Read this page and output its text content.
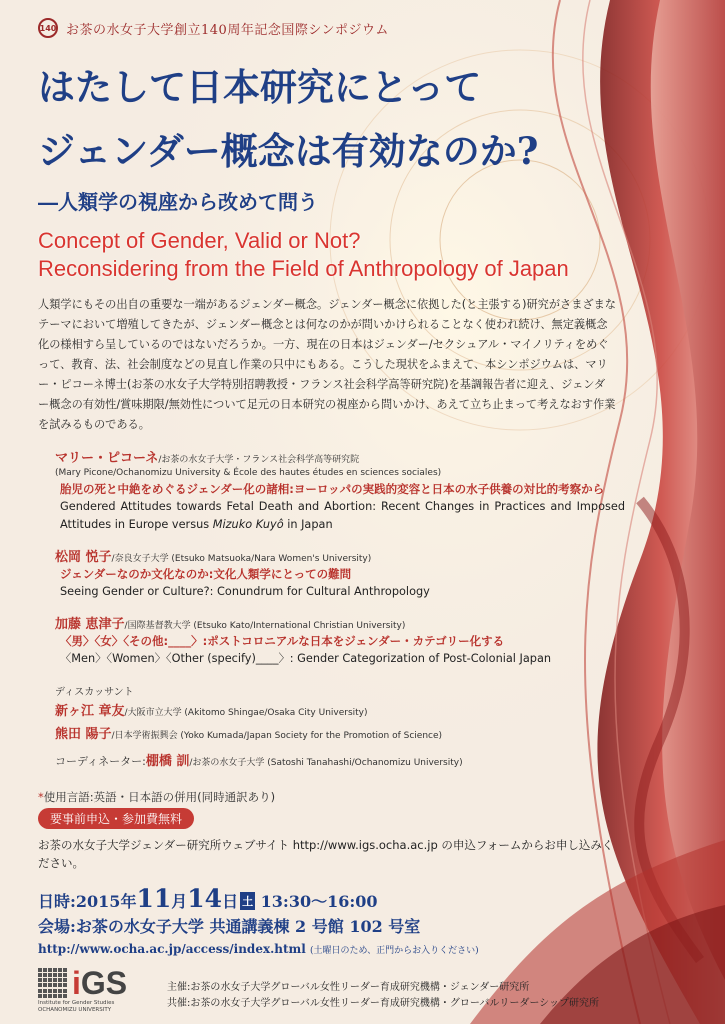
140 お茶の水女子大学創立140周年記念国際シンポジウム
はたして日本研究にとって
ジェンダー概念は有効なのか?
―人類学の視座から改めて問う
Concept of Gender, Valid or Not?
Reconsidering from the Field of Anthropology of Japan
人類学にもその出自の重要な一端があるジェンダー概念。ジェンダー概念に依拠した(と主張する)研究がさまざまなテーマにおいて増殖してきたが、ジェンダー概念とは何なのかが問いかけられることなく使われ続け、無定義概念化の様相すら呈しているのではないだろうか。一方、現在の日本はジェンダー/セクシュアル・マイノリティをめぐって、教育、法、社会制度などの見直し作業の只中にもある。こうした現状をふまえて、本シンポジウムは、マリー・ピコーネ博士(お茶の水女子大学特別招聘教授・フランス社会科学高等研究院)を基調報告者に迎え、ジェンダー概念の有効性/賞味期限/無効性について足元の日本研究の視座から問いかけ、あえて立ち止まって考えなおす作業を試みるものである。
マリー・ピコーネ/お茶の水女子大学・フランス社会科学高等研究院
(Mary Picone/Ochanomizu University & École des hautes études en sciences sociales)
胎児の死と中絶をめぐるジェンダー化の諸相:ヨーロッパの実践的変容と日本の水子供養の対比的考察から
Gendered Attitudes towards Fetal Death and Abortion: Recent Changes in Practices and Imposed Attitudes in Europe versus Mizuko Kuyô in Japan
松岡 悦子/奈良女子大学 (Etsuko Matsuoka/Nara Women's University)
ジェンダーなのか文化なのか:文化人類学にとっての難問
Seeing Gender or Culture?: Conundrum for Cultural Anthropology
加藤 恵津子/国際基督教大学 (Etsuko Kato/International Christian University)
〈男〉〈女〉〈その他:____〉:ポストコロニアルな日本をジェンダー・カテゴリー化する
〈Men〉〈Women〉〈Other (specify)____〉: Gender Categorization of Post-Colonial Japan
ディスカッサント
新ヶ江 章友/大阪市立大学 (Akitomo Shingae/Osaka City University)
熊田 陽子/日本学術振興会 (Yoko Kumada/Japan Society for the Promotion of Science)
コーディネーター:棚橋 訓/お茶の水女子大学 (Satoshi Tanahashi/Ochanomizu University)
*使用言語:英語・日本語の併用(同時通訳あり)
要事前申込・参加費無料
お茶の水女子大学ジェンダー研究所ウェブサイト http://www.igs.ocha.ac.jp の申込フォームからお申し込みください。
日時:2015年11月14日 土 13:30〜16:00
会場:お茶の水女子大学 共通講義棟 2 号館 102 号室
http://www.ocha.ac.jp/access/index.html (土曜日のため、正門からお入りください)
iGS
Institute for Gender Studies OCHANOMIZU UNIVERSITY
主催:お茶の水女子大学グローバル女性リーダー育成研究機構・ジェンダー研究所
共催:お茶の水女子大学グローバル女性リーダー育成研究機構・グローバルリーダーシップ研究所
